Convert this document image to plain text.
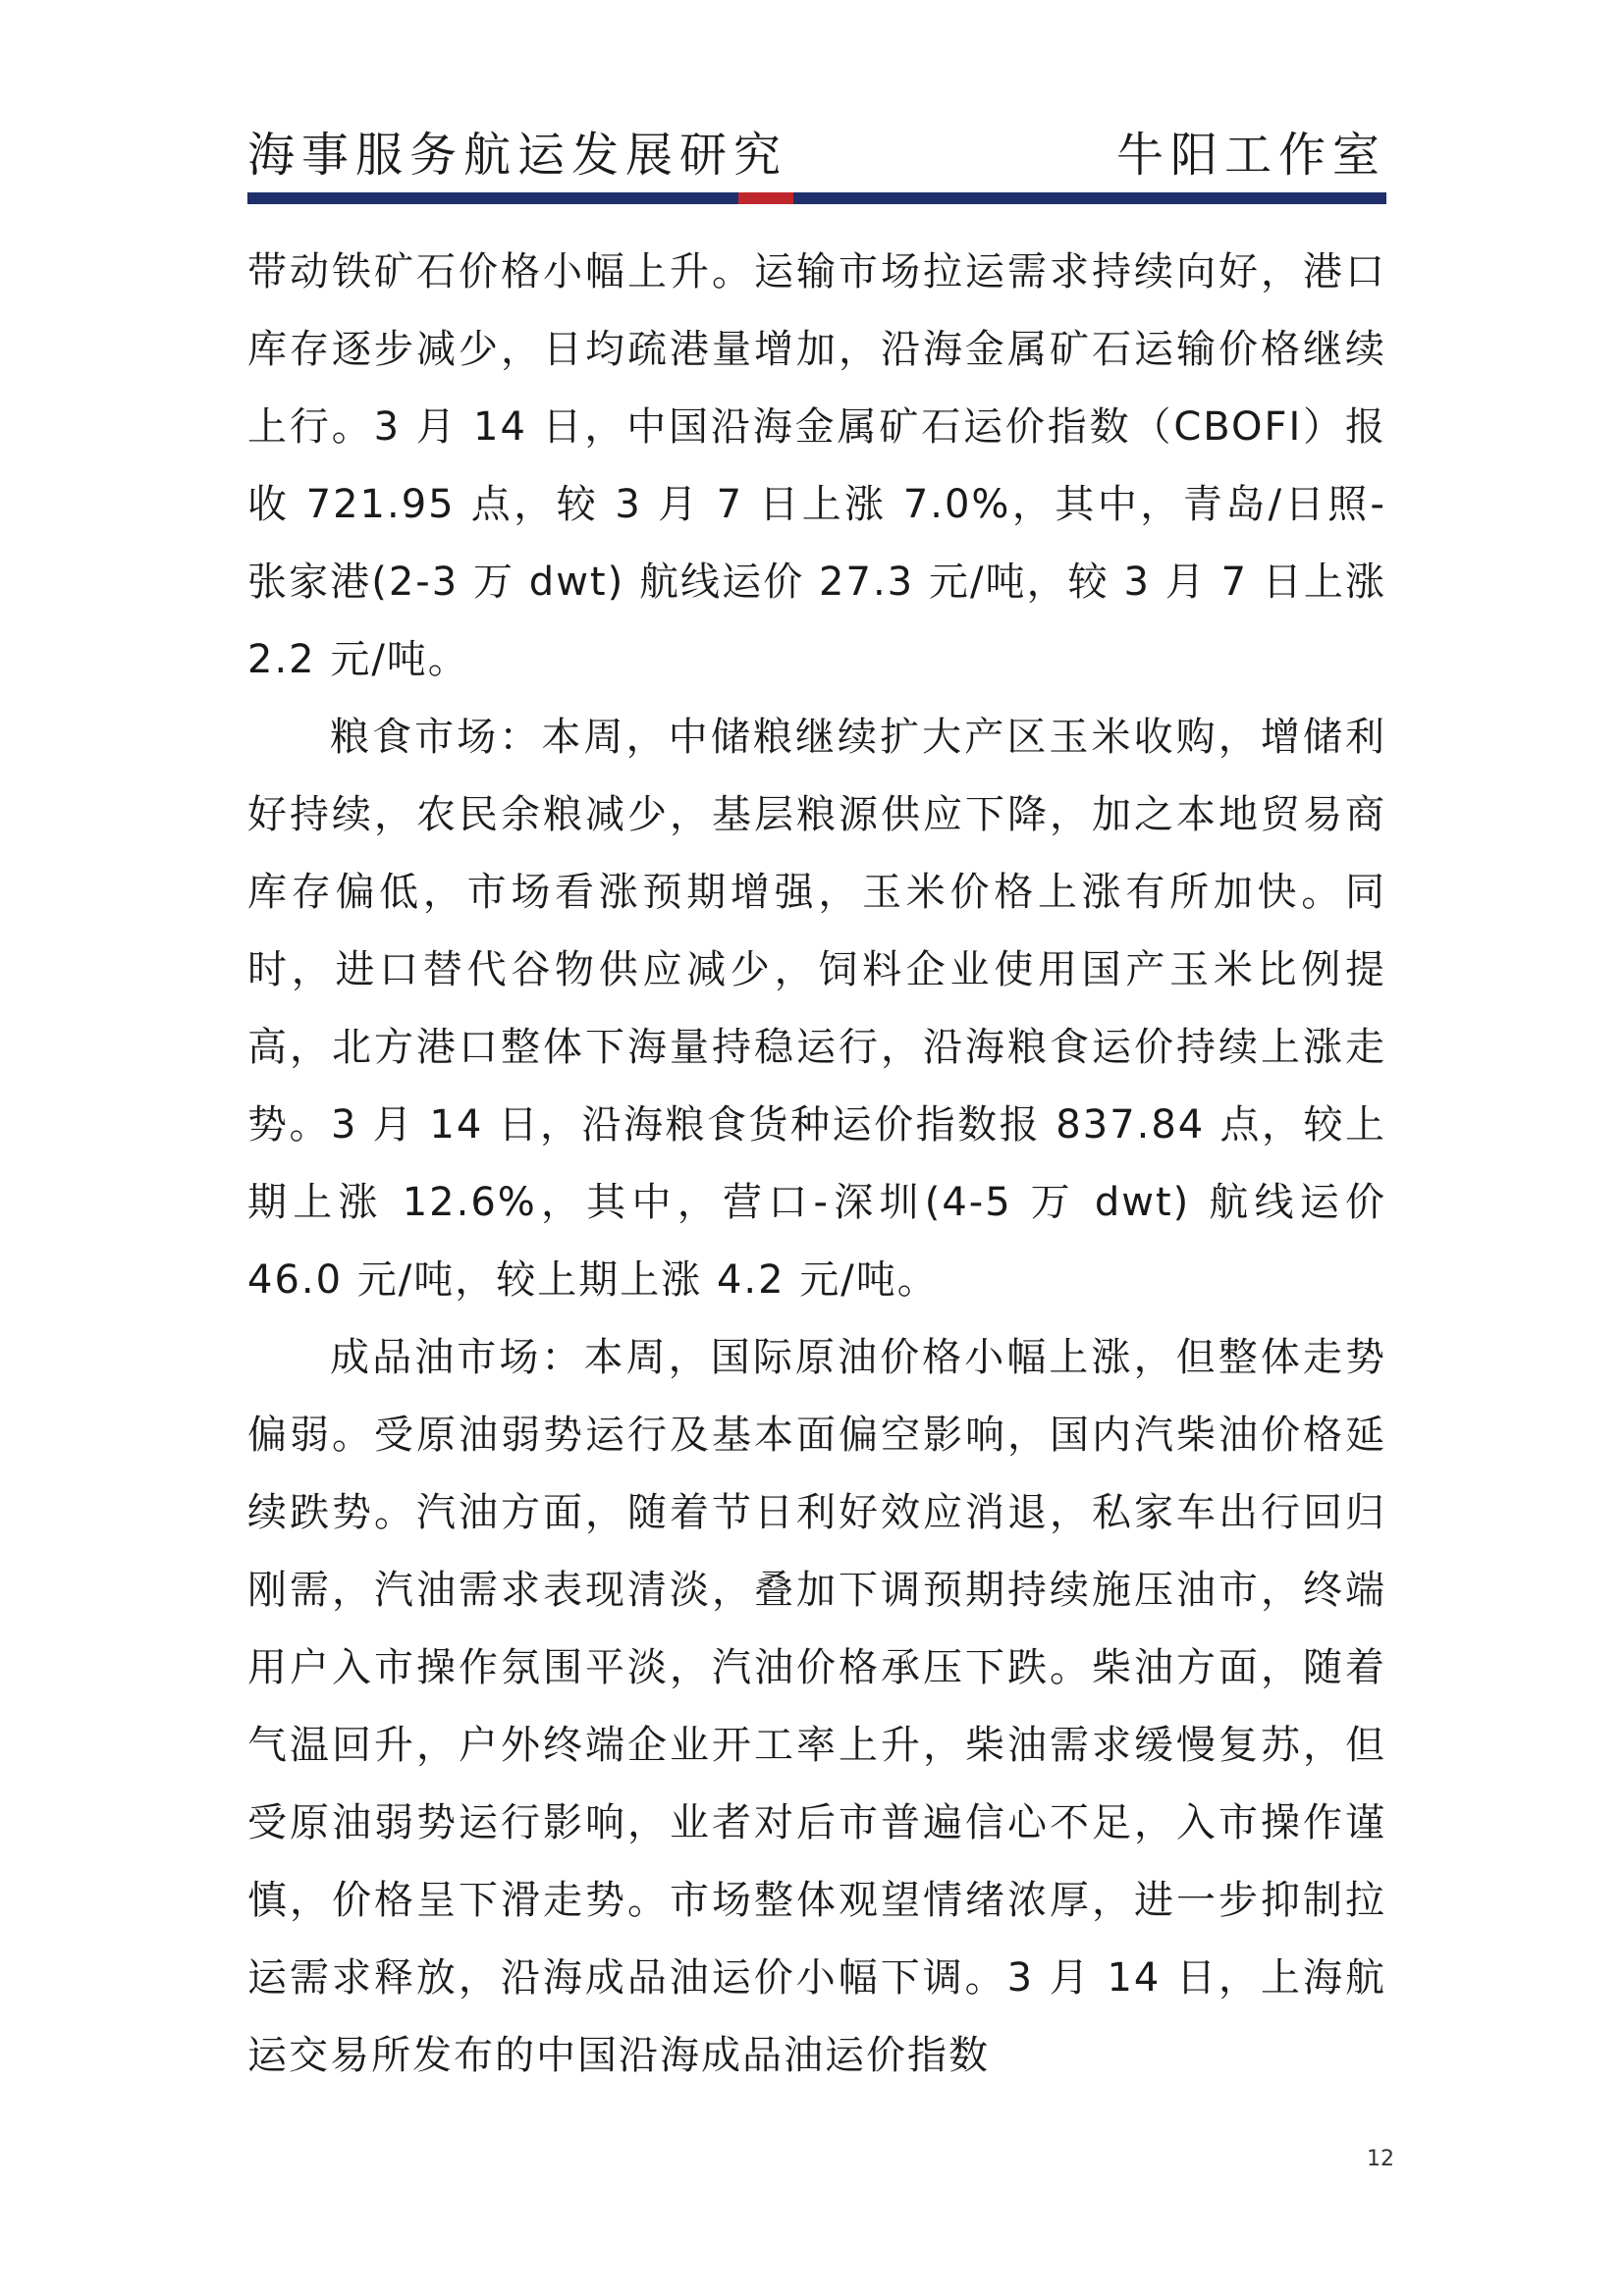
海事服务航运发展研究	牛阳工作室

带动铁矿石价格小幅上升。运输市场拉运需求持续向好，港口库存逐步减少，日均疏港量增加，沿海金属矿石运输价格继续上行。3 月 14 日，中国沿海金属矿石运价指数（CBOFI）报收 721.95 点，较 3 月 7 日上涨 7.0%，其中，青岛/日照-张家港(2-3 万 dwt) 航线运价 27.3 元/吨，较 3 月 7 日上涨 2.2 元/吨。

粮食市场：本周，中储粮继续扩大产区玉米收购，增储利好持续，农民余粮减少，基层粮源供应下降，加之本地贸易商库存偏低，市场看涨预期增强，玉米价格上涨有所加快。同时，进口替代谷物供应减少，饲料企业使用国产玉米比例提高，北方港口整体下海量持稳运行，沿海粮食运价持续上涨走势。3 月 14 日，沿海粮食货种运价指数报 837.84 点，较上期上涨 12.6%，其中，营口-深圳(4-5 万 dwt) 航线运价 46.0 元/吨，较上期上涨 4.2 元/吨。

成品油市场：本周，国际原油价格小幅上涨，但整体走势偏弱。受原油弱势运行及基本面偏空影响，国内汽柴油价格延续跌势。汽油方面，随着节日利好效应消退，私家车出行回归刚需，汽油需求表现清淡，叠加下调预期持续施压油市，终端用户入市操作氛围平淡，汽油价格承压下跌。柴油方面，随着气温回升，户外终端企业开工率上升，柴油需求缓慢复苏，但受原油弱势运行影响，业者对后市普遍信心不足，入市操作谨慎，价格呈下滑走势。市场整体观望情绪浓厚，进一步抑制拉运需求释放，沿海成品油运价小幅下调。3 月 14 日，上海航运交易所发布的中国沿海成品油运价指数

12
